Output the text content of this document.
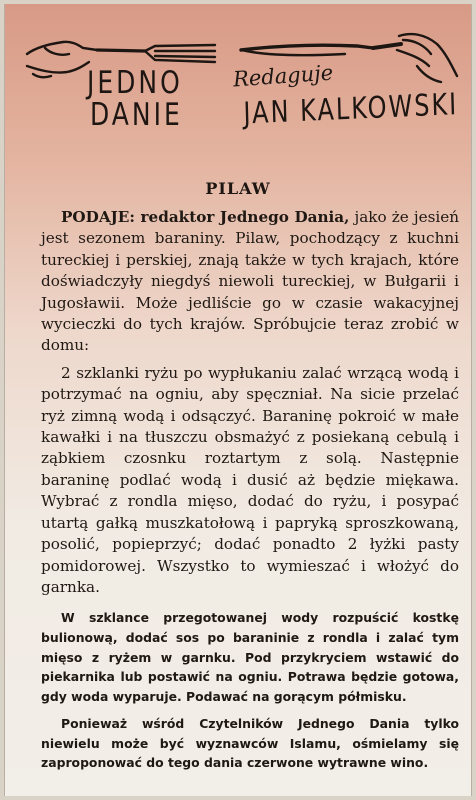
JEDNO
DANIE
Redaguje
JAN KALKOWSKI
PILAW

PODAJE: redaktor Jednego Dania, jako że jesień jest sezonem baraniny. Pilaw, pochodzący z kuchni tureckiej i perskiej, znają także w tych krajach, które doświadczyły niegdyś niewoli tureckiej, w Bułgarii i Jugosławii. Może jedliście go w czasie wakacyjnej wycieczki do tych krajów. Spróbujcie teraz zrobić w domu:

2 szklanki ryżu po wypłukaniu zalać wrzącą wodą i potrzymać na ogniu, aby spęczniał. Na sicie przelać ryż zimną wodą i odsączyć. Baraninę pokroić w małe kawałki i na tłuszczu obsmażyć z posiekaną cebulą i ząbkiem czosnku roztartym z solą. Następnie baraninę podlać wodą i dusić aż będzie miękawa. Wybrać z rondla mięso, dodać do ryżu, i posypać utartą gałką muszkatołową i papryką sproszkowaną, posolić, popieprzyć; dodać ponadto 2 łyżki pasty pomidorowej. Wszystko to wymieszać i włożyć do garnka.

W szklance przegotowanej wody rozpuścić kostkę bulionową, dodać sos po baraninie z rondla i zalać tym mięso z ryżem w garnku. Pod przykryciem wstawić do piekarnika lub postawić na ogniu. Potrawa będzie gotowa, gdy woda wyparuje. Podawać na gorącym półmisku.

Ponieważ wśród Czytelników Jednego Dania tylko niewielu może być wyznawców Islamu, ośmielamy się zaproponować do tego dania czerwone wytrawne wino.
